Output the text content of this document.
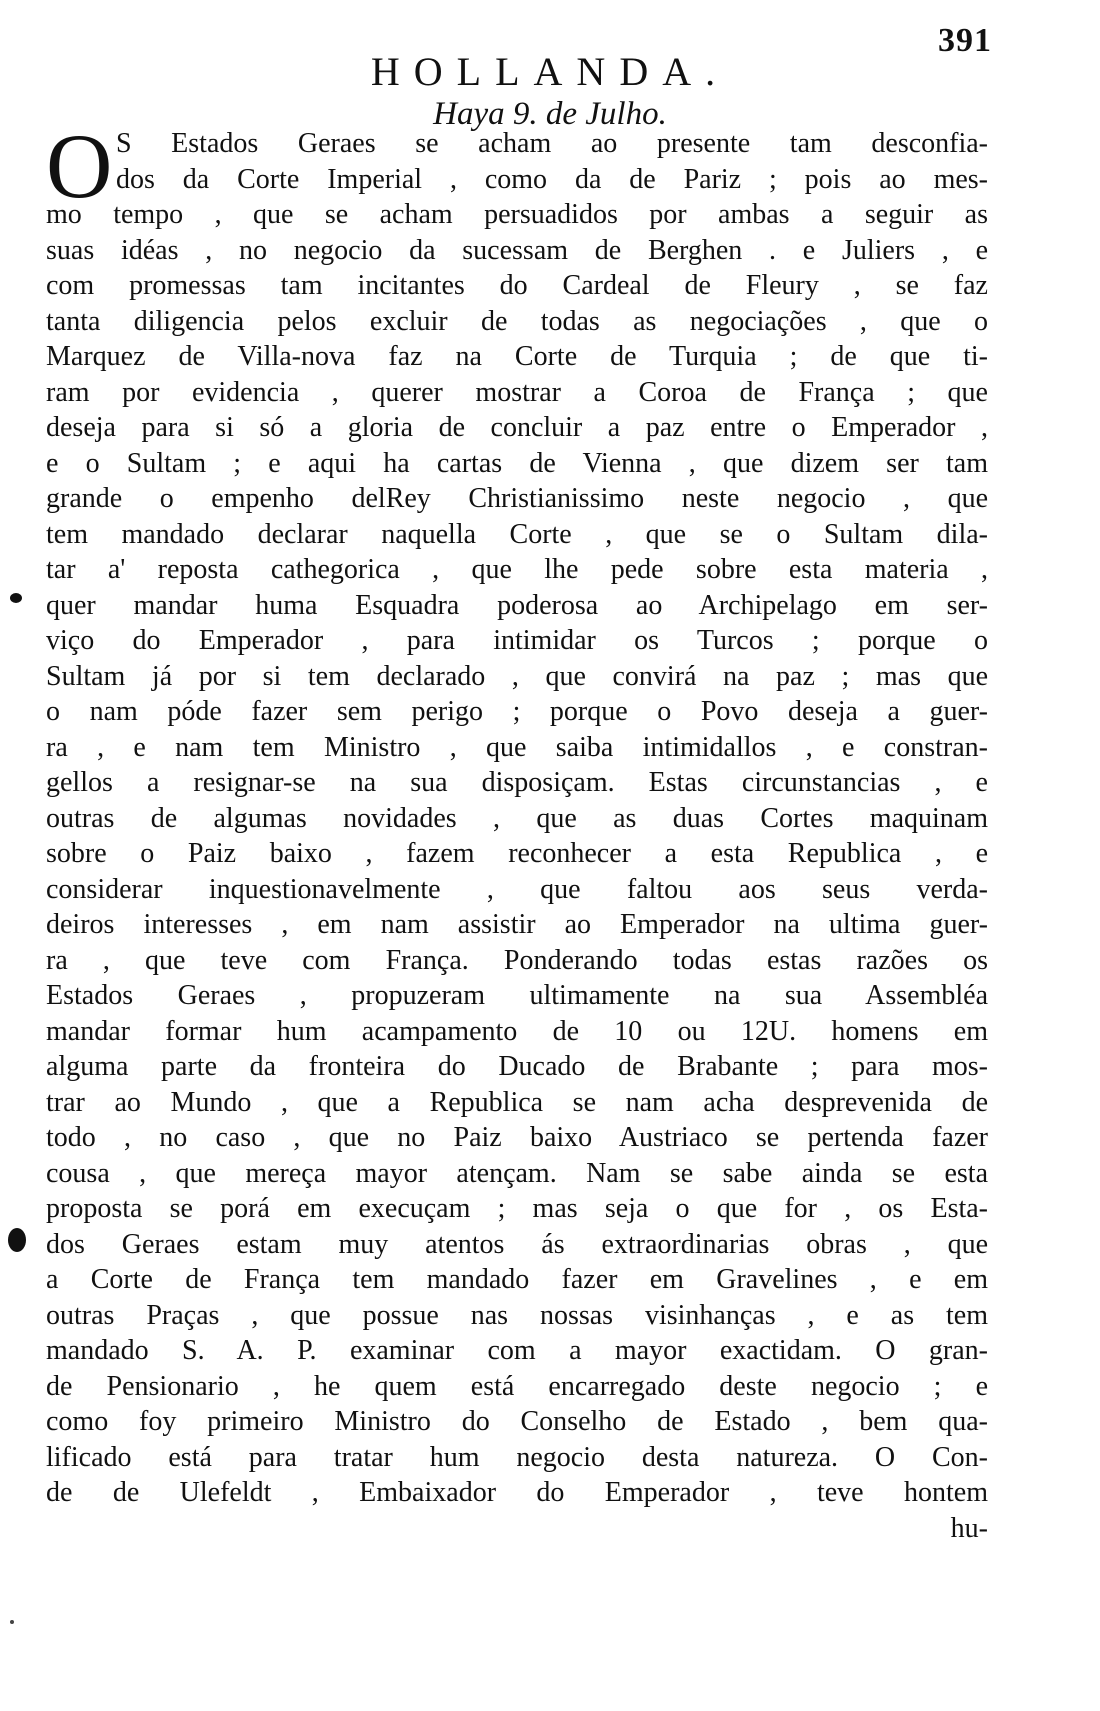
391
HOLLANDA.
Haya 9. de Julho.
O S Estados Geraes se acham ao presente tam desconfia-
dos da Corte Imperial , como da de Pariz ; pois ao mes-
mo tempo , que se acham persuadidos por ambas a seguir as
suas idéas , no negocio da sucessam de Berghen . e Juliers , e
com promessas tam incitantes do Cardeal de Fleury , se faz
tanta diligencia pelos excluir de todas as negociações , que o
Marquez de Villa-nova faz na Corte de Turquia ; de que ti-
ram por evidencia , querer mostrar a Coroa de França ; que
deseja para si só a gloria de concluir a paz entre o Emperador ,
e o Sultam ; e aqui ha cartas de Vienna , que dizem ser tam
grande o empenho delRey Christianissimo neste negocio , que
tem mandado declarar naquella Corte , que se o Sultam dila-
tar a' reposta cathegorica , que lhe pede sobre esta materia ,
quer mandar huma Esquadra poderosa ao Archipelago em ser-
viço do Emperador , para intimidar os Turcos ; porque o
Sultam já por si tem declarado , que convirá na paz ; mas que
o nam póde fazer sem perigo ; porque o Povo deseja a guer-
ra , e nam tem Ministro , que saiba intimidallos , e constran-
gellos a resignar-se na sua disposiçam. Estas circunstancias , e
outras de algumas novidades , que as duas Cortes maquinam
sobre o Paiz baixo , fazem reconhecer a esta Republica , e
considerar inquestionavelmente , que faltou aos seus verda-
deiros interesses , em nam assistir ao Emperador na ultima guer-
ra , que teve com França. Ponderando todas estas razões os
Estados Geraes , propuzeram ultimamente na sua Assembléa
mandar formar hum acampamento de 10 ou 12U. homens em
alguma parte da fronteira do Ducado de Brabante ; para mos-
trar ao Mundo , que a Republica se nam acha desprevenida de
todo , no caso , que no Paiz baixo Austriaco se pertenda fazer
cousa , que mereça mayor atençam. Nam se sabe ainda se esta
proposta se porá em execuçam ; mas seja o que for , os Esta-
dos Geraes estam muy atentos ás extraordinarias obras , que
a Corte de França tem mandado fazer em Gravelines , e em
outras Praças , que possue nas nossas visinhanças , e as tem
mandado S. A. P. examinar com a mayor exactidam. O gran-
de Pensionario , he quem está encarregado deste negocio ; e
como foy primeiro Ministro do Conselho de Estado , bem qua-
lificado está para tratar hum negocio desta natureza. O Con-
de de Ulefeldt , Embaixador do Emperador , teve hontem
hu-
